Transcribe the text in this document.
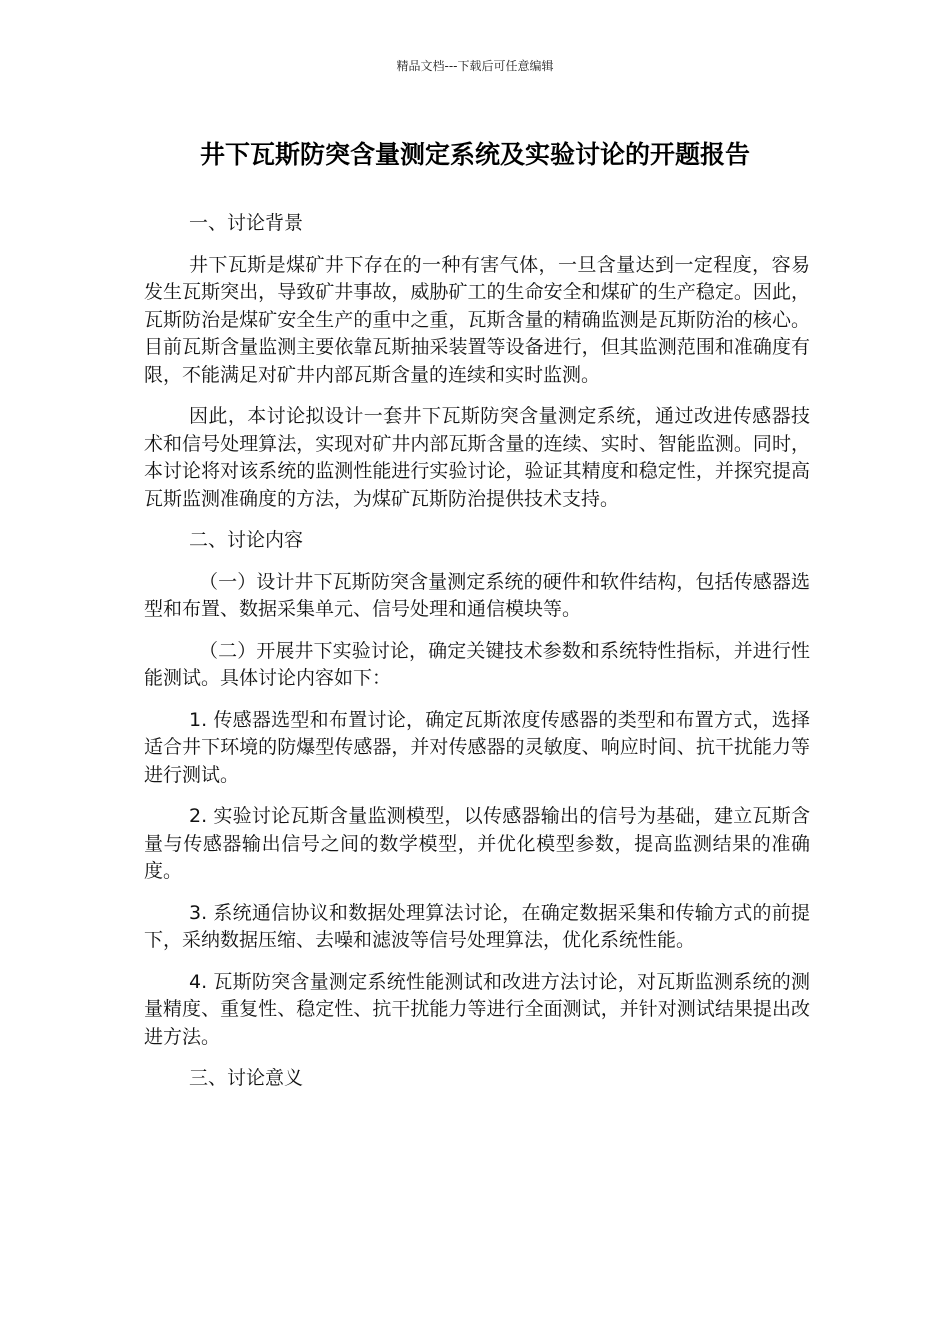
精品文档---下载后可任意编辑
井下瓦斯防突含量测定系统及实验讨论的开题报告

一、讨论背景

井下瓦斯是煤矿井下存在的一种有害气体，一旦含量达到一定程度，容易发生瓦斯突出，导致矿井事故，威胁矿工的生命安全和煤矿的生产稳定。因此，瓦斯防治是煤矿安全生产的重中之重，瓦斯含量的精确监测是瓦斯防治的核心。目前瓦斯含量监测主要依靠瓦斯抽采装置等设备进行，但其监测范围和准确度有限，不能满足对矿井内部瓦斯含量的连续和实时监测。

因此，本讨论拟设计一套井下瓦斯防突含量测定系统，通过改进传感器技术和信号处理算法，实现对矿井内部瓦斯含量的连续、实时、智能监测。同时，本讨论将对该系统的监测性能进行实验讨论，验证其精度和稳定性，并探究提高瓦斯监测准确度的方法，为煤矿瓦斯防治提供技术支持。

二、讨论内容

（一）设计井下瓦斯防突含量测定系统的硬件和软件结构，包括传感器选型和布置、数据采集单元、信号处理和通信模块等。

（二）开展井下实验讨论，确定关键技术参数和系统特性指标，并进行性能测试。具体讨论内容如下：

1. 传感器选型和布置讨论，确定瓦斯浓度传感器的类型和布置方式，选择适合井下环境的防爆型传感器，并对传感器的灵敏度、响应时间、抗干扰能力等进行测试。

2. 实验讨论瓦斯含量监测模型，以传感器输出的信号为基础，建立瓦斯含量与传感器输出信号之间的数学模型，并优化模型参数，提高监测结果的准确度。

3. 系统通信协议和数据处理算法讨论，在确定数据采集和传输方式的前提下，采纳数据压缩、去噪和滤波等信号处理算法，优化系统性能。

4. 瓦斯防突含量测定系统性能测试和改进方法讨论，对瓦斯监测系统的测量精度、重复性、稳定性、抗干扰能力等进行全面测试，并针对测试结果提出改进方法。

三、讨论意义
